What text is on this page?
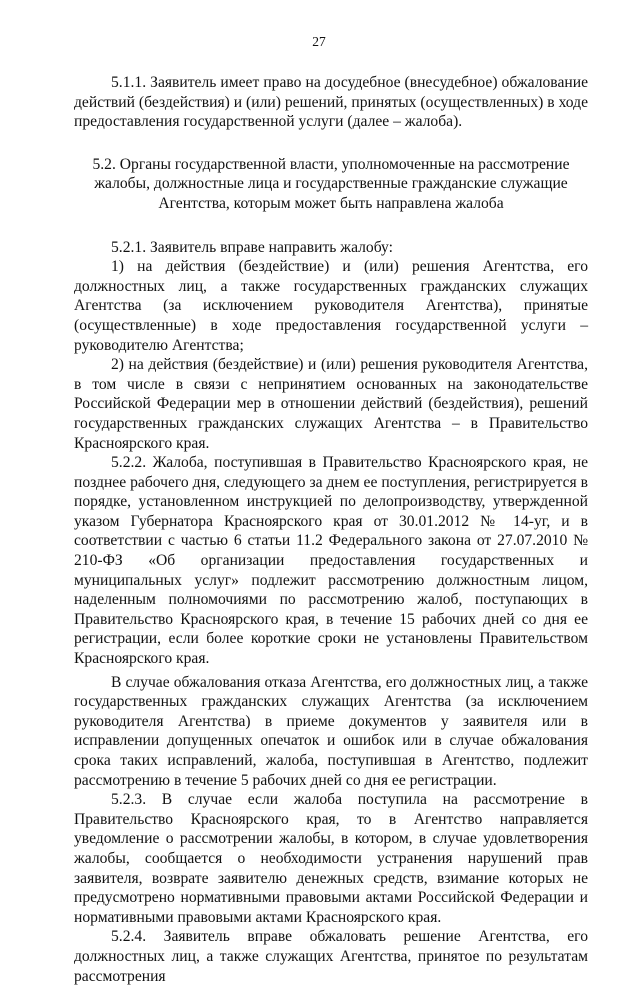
27

5.1.1. Заявитель имеет право на досудебное (внесудебное) обжалование действий (бездействия) и (или) решений, принятых (осуществленных) в ходе предоставления государственной услуги (далее – жалоба).

5.2. Органы государственной власти, уполномоченные на рассмотрение жалобы, должностные лица и государственные гражданские служащие Агентства, которым может быть направлена жалоба

5.2.1. Заявитель вправе направить жалобу:

1) на действия (бездействие) и (или) решения Агентства, его должностных лиц, а также государственных гражданских служащих Агентства (за исключением руководителя Агентства), принятые (осуществленные) в ходе предоставления государственной услуги – руководителю Агентства;

2) на действия (бездействие) и (или) решения руководителя Агентства, в том числе в связи с непринятием основанных на законодательстве Российской Федерации мер в отношении действий (бездействия), решений государственных гражданских служащих Агентства – в Правительство Красноярского края.

5.2.2. Жалоба, поступившая в Правительство Красноярского края, не позднее рабочего дня, следующего за днем ее поступления, регистрируется в порядке, установленном инструкцией по делопроизводству, утвержденной указом Губернатора Красноярского края от 30.01.2012 № 14-уг, и в соответствии с частью 6 статьи 11.2 Федерального закона от 27.07.2010 № 210-ФЗ «Об организации предоставления государственных и муниципальных услуг» подлежит рассмотрению должностным лицом, наделенным полномочиями по рассмотрению жалоб, поступающих в Правительство Красноярского края, в течение 15 рабочих дней со дня ее регистрации, если более короткие сроки не установлены Правительством Красноярского края.

В случае обжалования отказа Агентства, его должностных лиц, а также государственных гражданских служащих Агентства (за исключением руководителя Агентства) в приеме документов у заявителя или в исправлении допущенных опечаток и ошибок или в случае обжалования срока таких исправлений, жалоба, поступившая в Агентство, подлежит рассмотрению в течение 5 рабочих дней со дня ее регистрации.

5.2.3. В случае если жалоба поступила на рассмотрение в Правительство Красноярского края, то в Агентство направляется уведомление о рассмотрении жалобы, в котором, в случае удовлетворения жалобы, сообщается о необходимости устранения нарушений прав заявителя, возврате заявителю денежных средств, взимание которых не предусмотрено нормативными правовыми актами Российской Федерации и нормативными правовыми актами Красноярского края.

5.2.4. Заявитель вправе обжаловать решение Агентства, его должностных лиц, а также служащих Агентства, принятое по результатам рассмотрения
